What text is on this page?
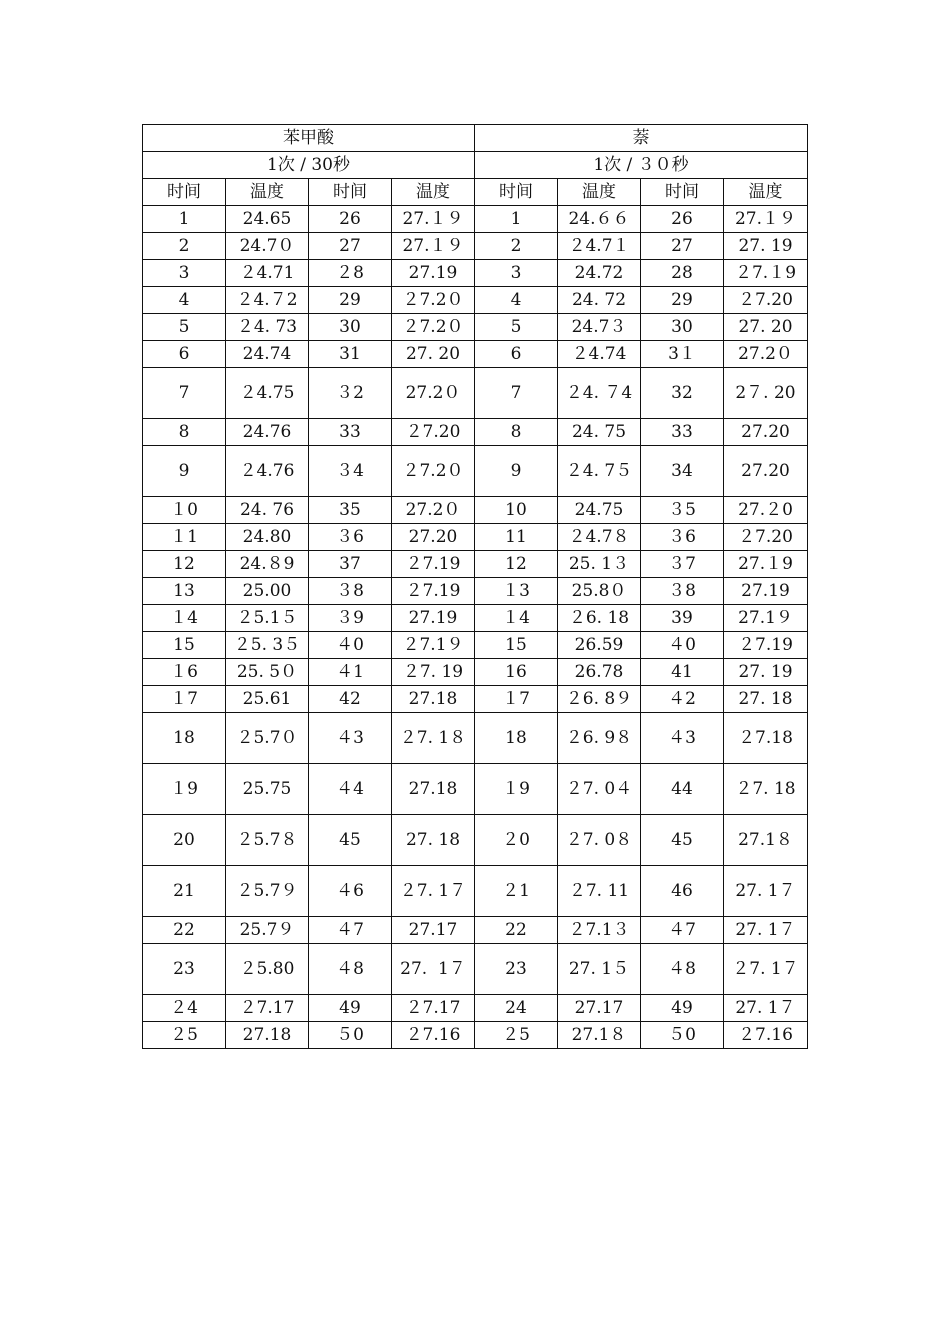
苯甲酸				萘			
1次 / 30秒				1次 / ３０秒			
时间	温度	时间	温度	时间	温度	时间	温度
1	24.65	26	27.１９	1	24.６６	26	27.１９
2	24.7０	27	27.１９	2	２4.7１	27	27. 19
3	２4.71	２8	27.19	3	24.72	28	２7.１9
4	２4.７2	29	２7.2０	4	24. 72	29	２7.20
5	２4. 73	30	２7.2０	5	24.7３	30	27. 20
6	24.74	31	27. 20	6	２4.74	3１	27.2０
7	２4.75	３2	27.2０	7	２4. ７4	32	2７. 20
8	24.76	33	２7.20	8	24. 75	33	27.20
9	２4.76	３4	２7.2０	9	２4. 7５	34	27.20
１0	24. 76	35	27.2０	10	24.75	３5	27.２0
１1	24.80	３6	27.20	11	２4.7８	３6	２7.20
12	24.８9	37	２7.19	12	25. 1３	３7	27.１9
13	25.00	３8	２7.19	１3	25.8０	３8	27.19
１4	２5.1５	３9	27.19	１4	２6. 18	39	27.1９
15	２5. 3５	４0	２7.1９	15	26.59	４0	２7.19
１6	25. 5０	４1	２7. 19	16	26.78	41	27. 19
１7	25.61	42	27.18	１7	２6. 8９	４2	27. 18
18	２5.7０	４3	２7. 1８	18	２6. 9８	４3	２7.18
１9	25.75	４4	27.18	１9	２7. 0４	44	２7. 18
20	２5.7８	45	27. 18	２0	２7. 0８	45	27.1８
21	２5.7９	４6	２7. 1７	２1	２7. 11	46	27. 1７
22	25.7９	４7	27.17	22	２7.1３	４7	27. 1７
23	２5.80	４8	27.  1７	23	27. 1５	４8	２7. 1７
２4	２7.17	49	２7.17	24	27.17	49	27. 1７
２5	27.18	５0	２7.16	２5	27.1８	５0	２7.16
